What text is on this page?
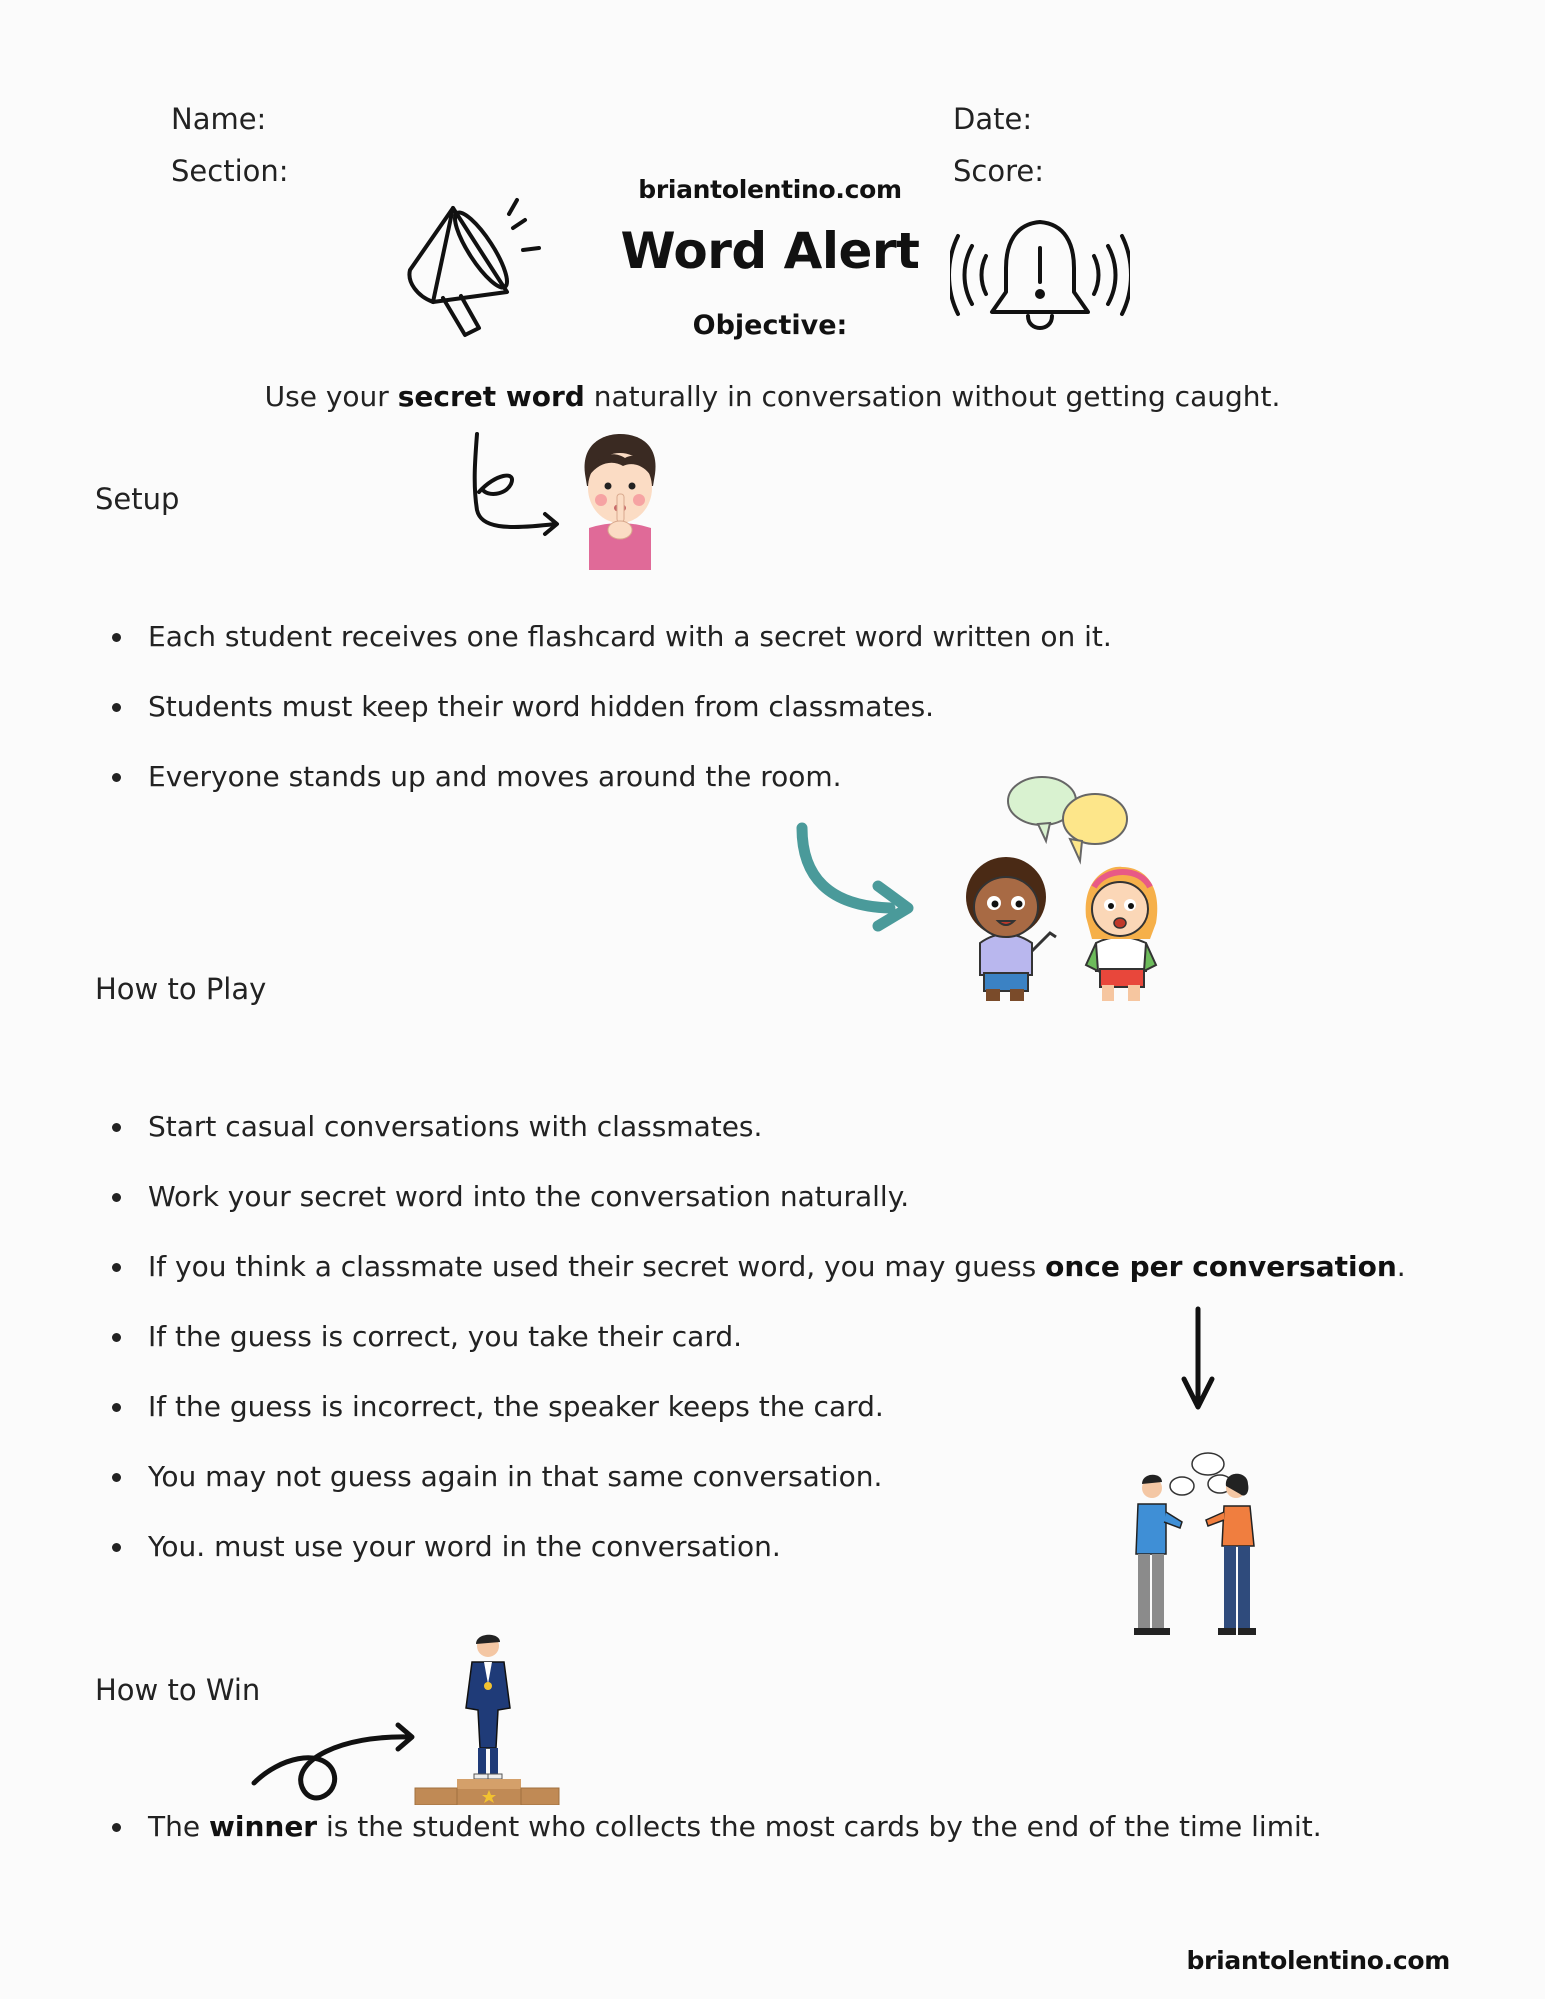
Name:	Date:
Section:	Score:
briantolentino.com
Word Alert
Objective:
Use your secret word naturally in conversation without getting caught.
Setup
Each student receives one flashcard with a secret word written on it.
Students must keep their word hidden from classmates.
Everyone stands up and moves around the room.
How to Play
Start casual conversations with classmates.
Work your secret word into the conversation naturally.
If you think a classmate used their secret word, you may guess once per conversation.
If the guess is correct, you take their card.
If the guess is incorrect, the speaker keeps the card.
You may not guess again in that same conversation.
You. must use your word in the conversation.
How to Win
The winner is the student who collects the most cards by the end of the time limit.
briantolentino.com
